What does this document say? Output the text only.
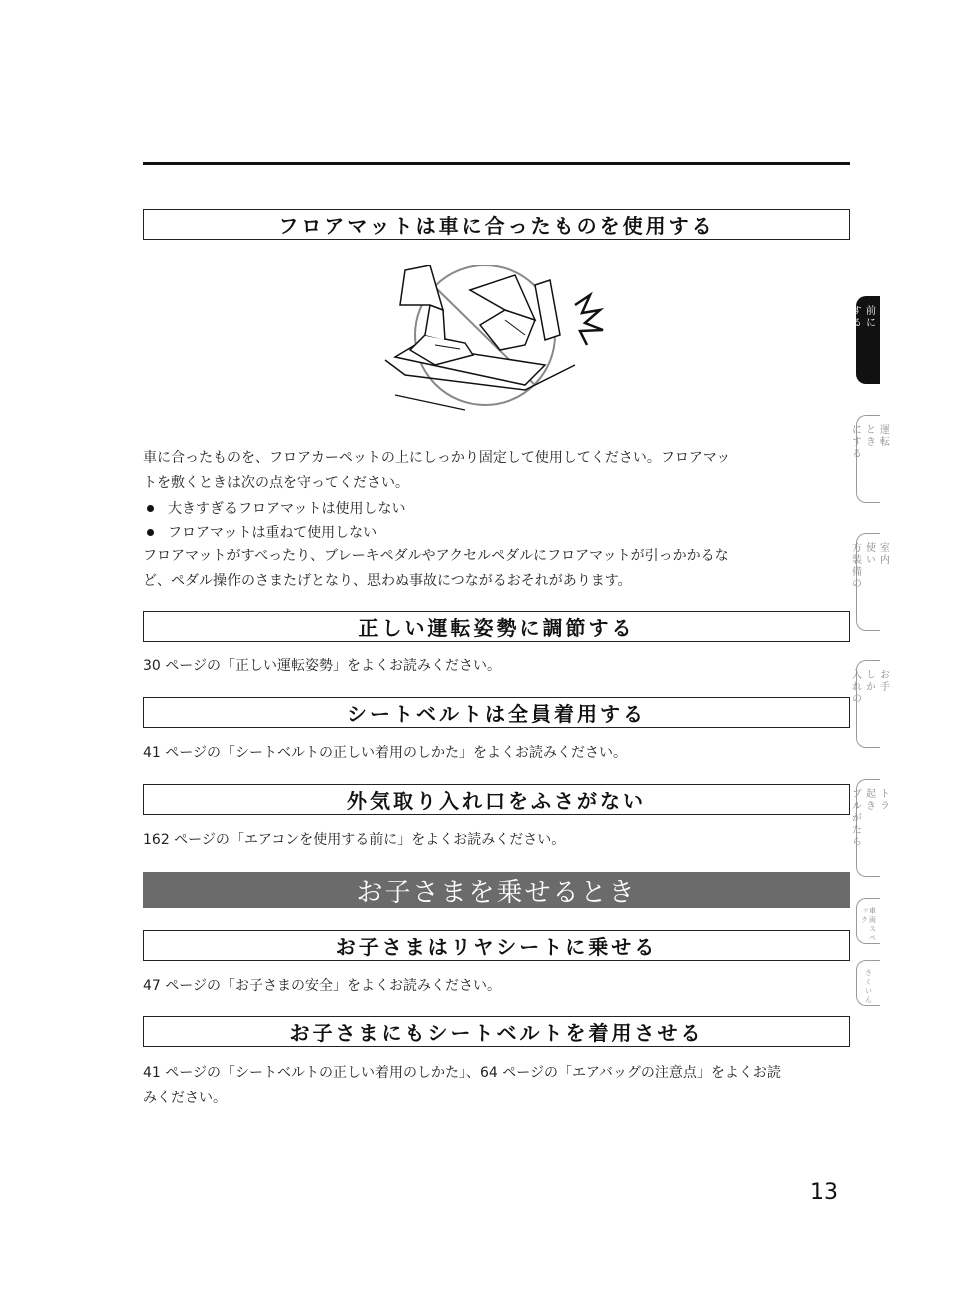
フロアマットは車に合ったものを使用する

車に合ったものを、フロアカーペットの上にしっかり固定して使用してください。フロアマッ

トを敷くときは次の点を守ってください。

大きすぎるフロアマットは使用しない
フロアマットは重ねて使用しない

フロアマットがすべったり、ブレーキペダルやアクセルペダルにフロアマットが引っかかるな

ど、ペダル操作のさまたげとなり、思わぬ事故につながるおそれがあります。

正しい運転姿勢に調節する

30 ページの「正しい運転姿勢」をよくお読みください。

シートベルトは全員着用する

41 ページの「シートベルトの正しい着用のしかた」をよくお読みください。

外気取り入れ口をふさがない

162 ページの「エアコンを使用する前に」をよくお読みください。

お子さまを乗せるとき
お子さまはリヤシートに乗せる

47 ページの「お子さまの安全」をよくお読みください。

お子さまにもシートベルトを着用させる

41 ページの「シートベルトの正しい着用のしかた」、64 ページの「エアバッグの注意点」をよくお読

みください。

13
運転
前に
する
運転
とき
にする
室内
使い
方装備の
お手
しか
入れの
トラ
起き
ブルがたら
車両スペック
さくいん
